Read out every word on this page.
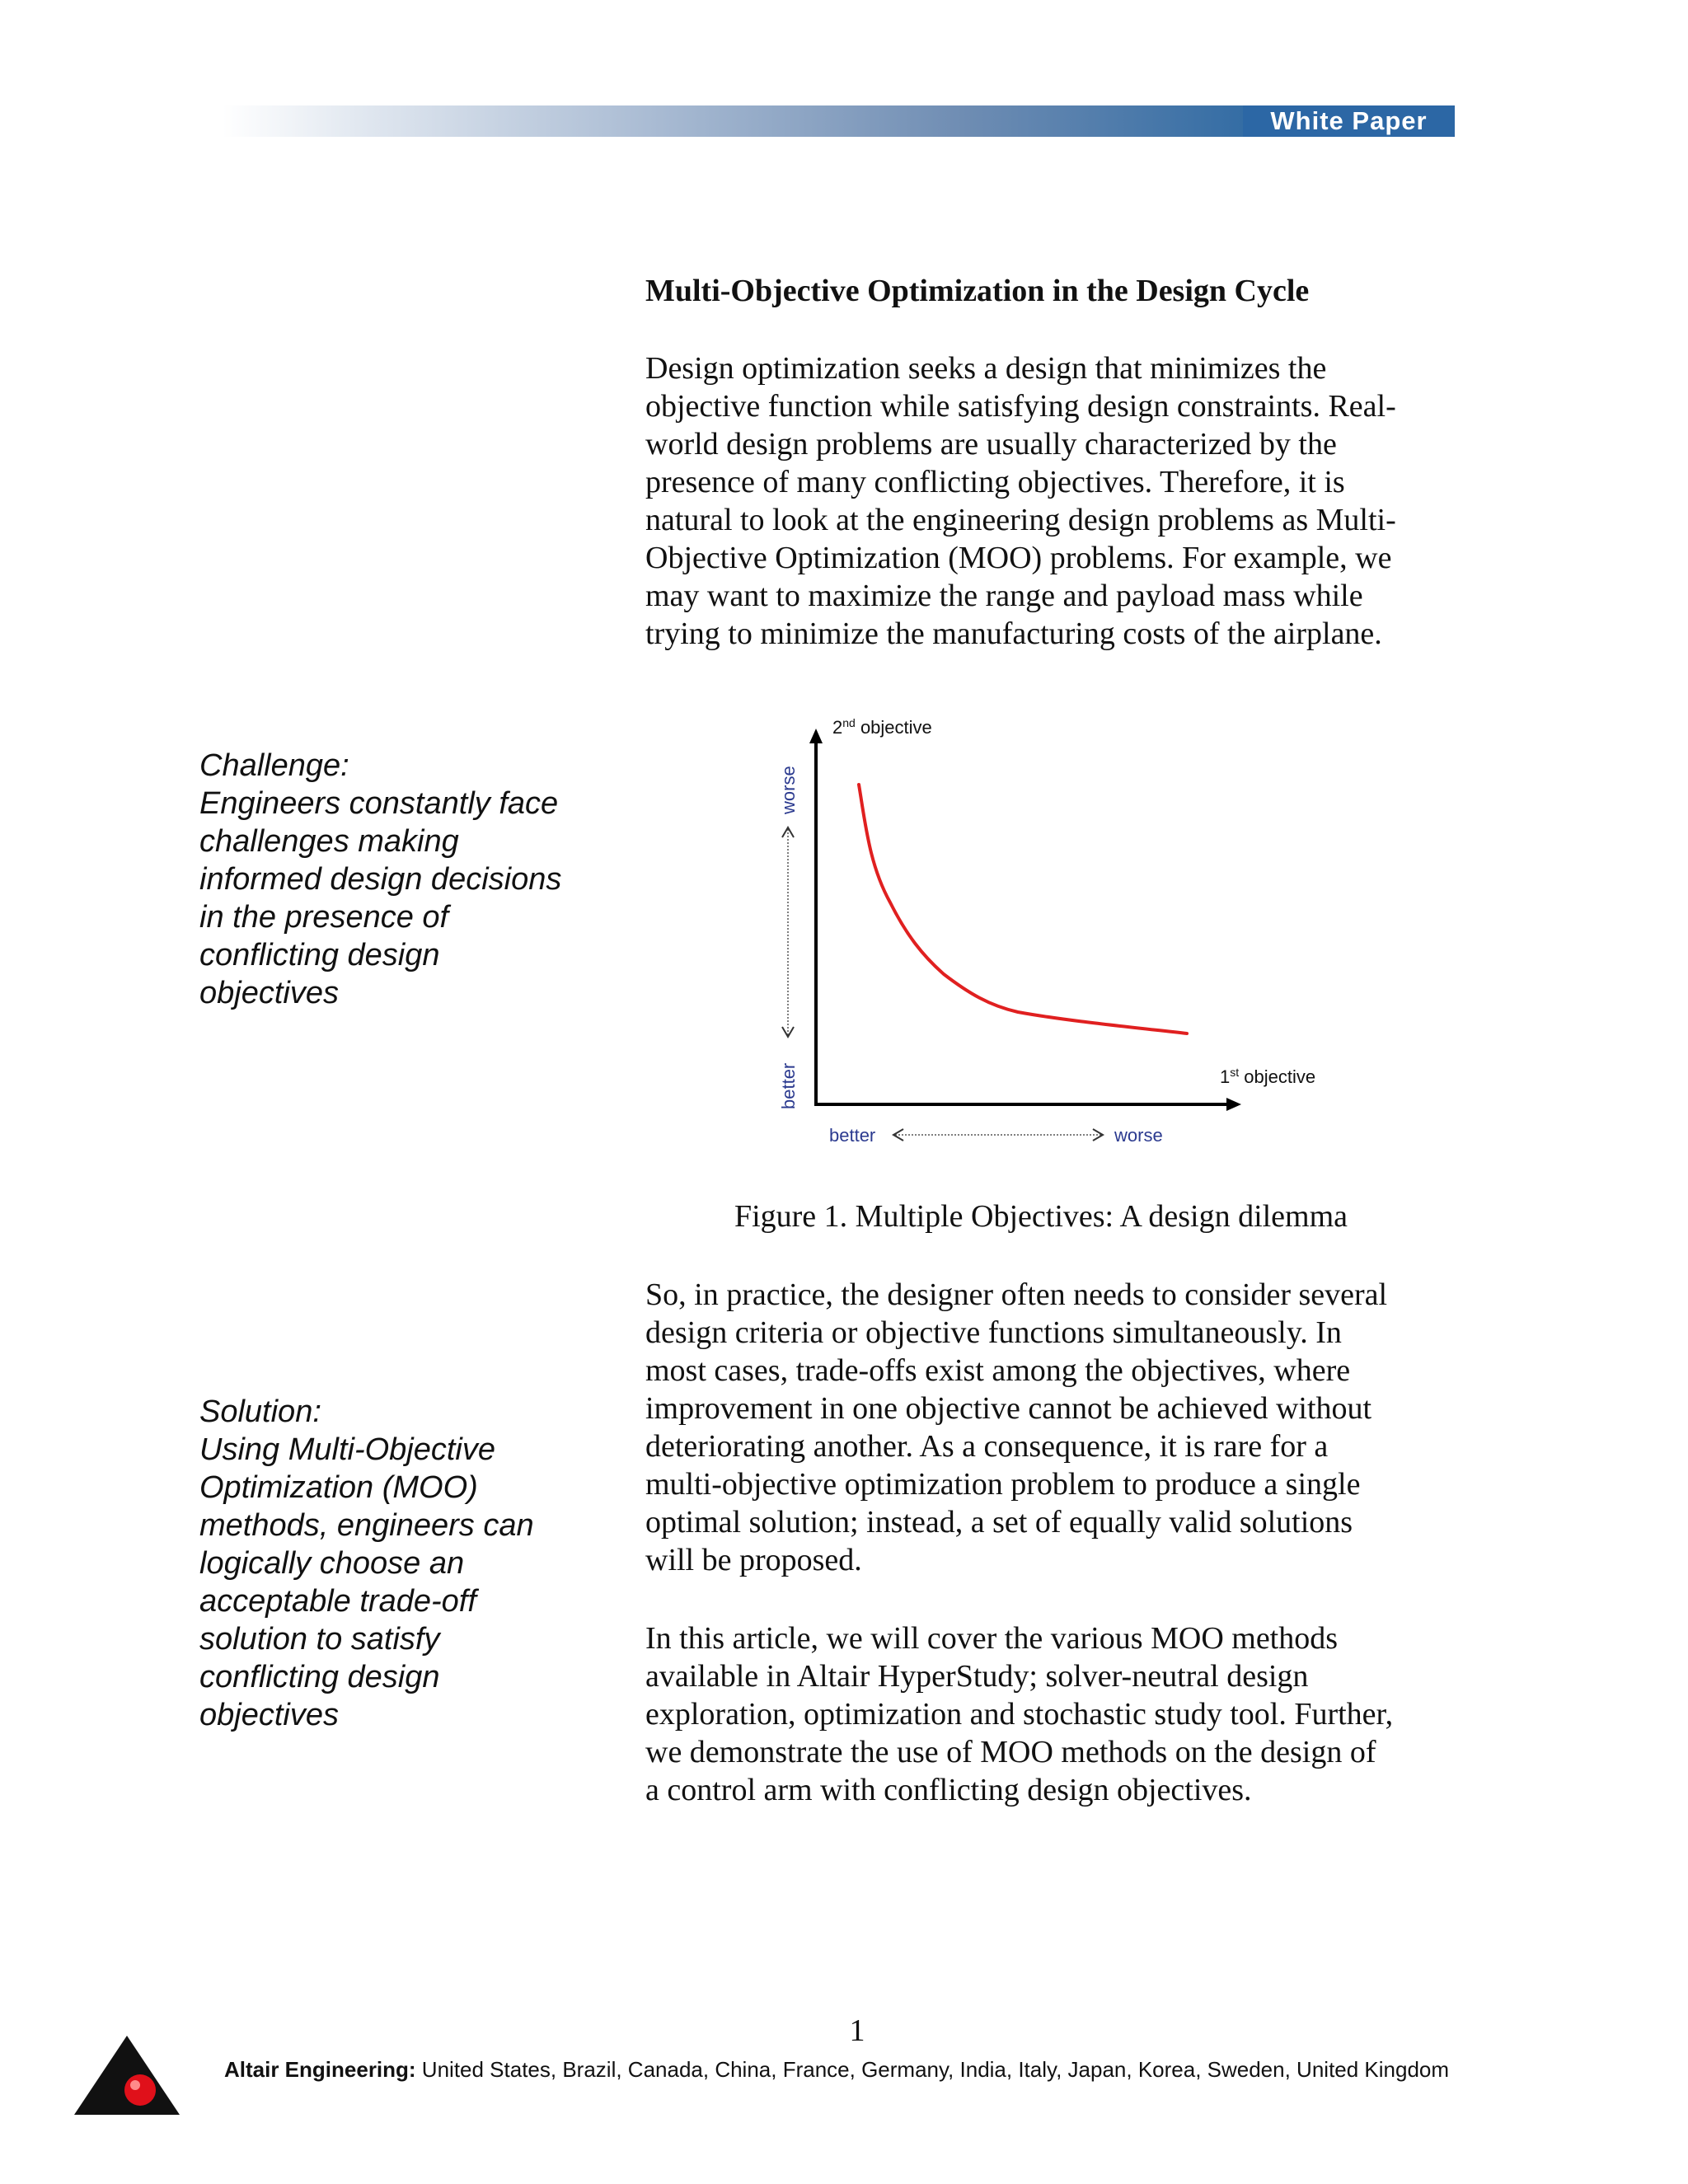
White Paper
Multi-Objective Optimization in the Design Cycle
Design optimization seeks a design that minimizes the
objective function while satisfying design constraints. Real-
world design problems are usually characterized by the
presence of many conflicting objectives. Therefore, it is
natural to look at the engineering design problems as Multi-
Objective Optimization (MOO) problems. For example, we
may want to maximize the range and payload mass while
trying to minimize the manufacturing costs of the airplane.
Challenge:
Engineers constantly face
challenges making
informed design decisions
in the presence of
conflicting design
objectives
2nd objective
1st objective
better	worse
worse
better
Figure 1. Multiple Objectives: A design dilemma
So, in practice, the designer often needs to consider several
design criteria or objective functions simultaneously. In
most cases, trade-offs exist among the objectives, where
improvement in one objective cannot be achieved without
deteriorating another. As a consequence, it is rare for a
multi-objective optimization problem to produce a single
optimal solution; instead, a set of equally valid solutions
will be proposed.
Solution:
Using Multi-Objective
Optimization (MOO)
methods, engineers can
logically choose an
acceptable trade-off
solution to satisfy
conflicting design
objectives
In this article, we will cover the various MOO methods
available in Altair HyperStudy; solver-neutral design
exploration, optimization and stochastic study tool. Further,
we demonstrate the use of MOO methods on the design of
a control arm with conflicting design objectives.
1
Altair Engineering: United States, Brazil, Canada, China, France, Germany, India, Italy, Japan, Korea, Sweden, United Kingdom
